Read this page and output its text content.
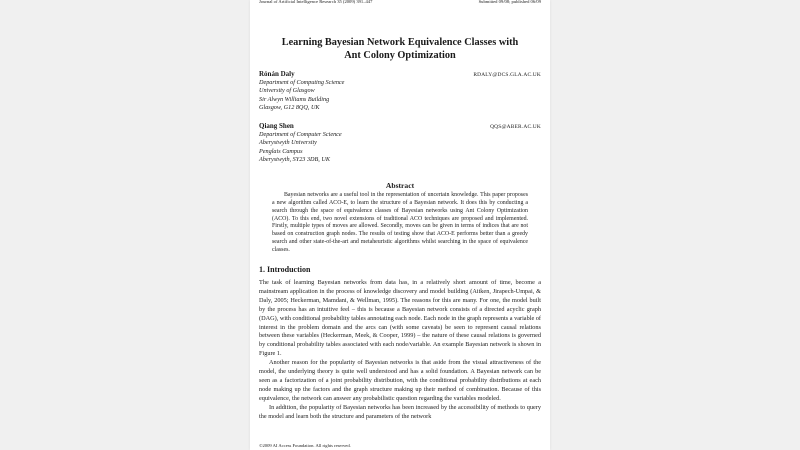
Journal of Artificial Intelligence Research 35 (2009) 391–447	Submitted 09/08; published 06/09
Learning Bayesian Network Equivalence Classes with
Ant Colony Optimization
Rónán Daly	RDALY@DCS.GLA.AC.UK
Department of Computing Science
University of Glasgow
Sir Alwyn Williams Building
Glasgow, G12 8QQ, UK
Qiang Shen	QQS@ABER.AC.UK
Department of Computer Science
Aberystwyth University
Penglais Campus
Aberystwyth, SY23 3DB, UK
Abstract
Bayesian networks are a useful tool in the representation of uncertain knowledge. This paper proposes a new algorithm called ACO-E, to learn the structure of a Bayesian network. It does this by conducting a search through the space of equivalence classes of Bayesian networks using Ant Colony Optimization (ACO). To this end, two novel extensions of traditional ACO techniques are proposed and implemented. Firstly, multiple types of moves are allowed. Secondly, moves can be given in terms of indices that are not based on construction graph nodes. The results of testing show that ACO-E performs better than a greedy search and other state-of-the-art and metaheuristic algorithms whilst searching in the space of equivalence classes.
1. Introduction

The task of learning Bayesian networks from data has, in a relatively short amount of time, become a mainstream application in the process of knowledge discovery and model building (Aitken, Jirapech-Umpai, & Daly, 2005; Heckerman, Mamdani, & Wellman, 1995). The reasons for this are many. For one, the model built by the process has an intuitive feel – this is because a Bayesian network consists of a directed acyclic graph (DAG), with conditional probability tables annotating each node. Each node in the graph represents a variable of interest in the problem domain and the arcs can (with some caveats) be seen to represent causal relations between these variables (Heckerman, Meek, & Cooper, 1999) – the nature of these causal relations is governed by conditional probability tables associated with each node/variable. An example Bayesian network is shown in Figure 1.

Another reason for the popularity of Bayesian networks is that aside from the visual attractiveness of the model, the underlying theory is quite well understood and has a solid foundation. A Bayesian network can be seen as a factorization of a joint probability distribution, with the conditional probability distributions at each node making up the factors and the graph structure making up their method of combination. Because of this equivalence, the network can answer any probabilistic question regarding the variables modeled.

In addition, the popularity of Bayesian networks has been increased by the accessibility of methods to query the model and learn both the structure and parameters of the network

©2009 AI Access Foundation. All rights reserved.
